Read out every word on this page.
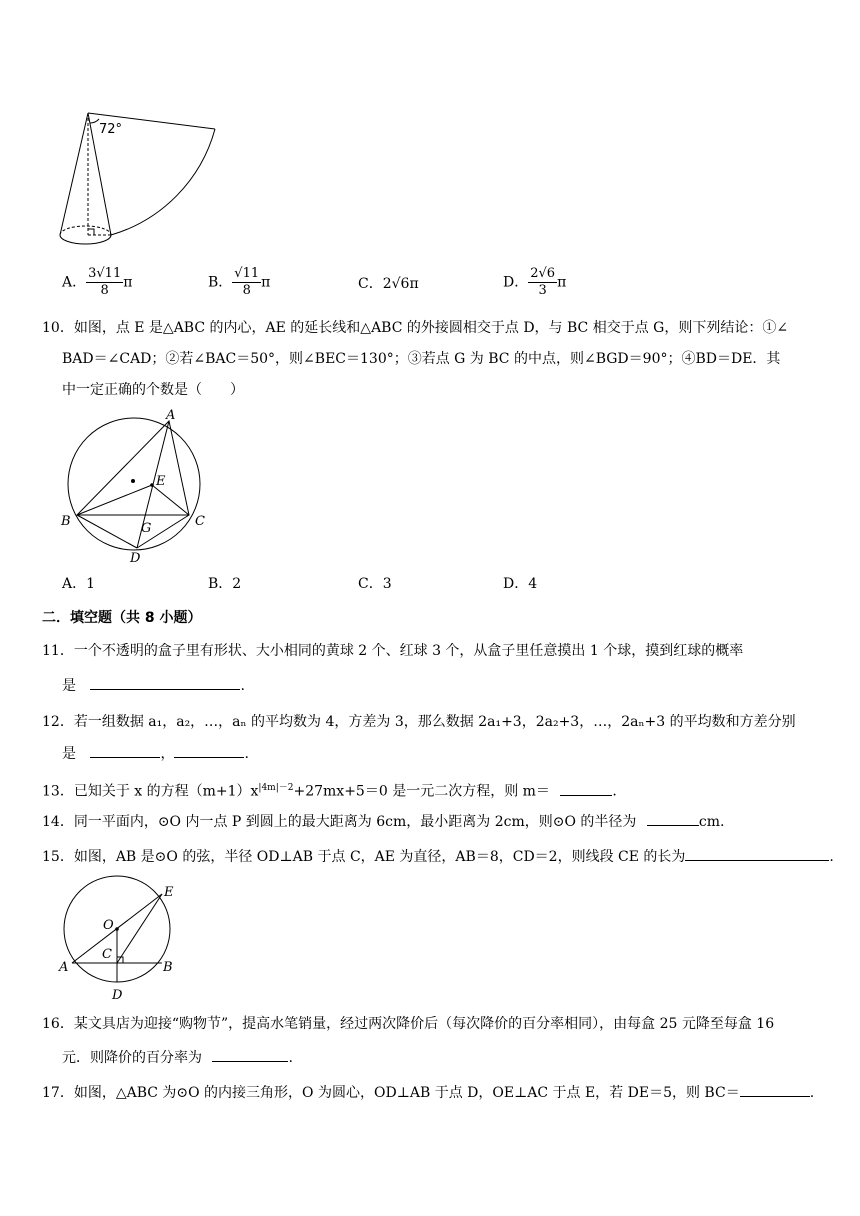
72°
A． $\frac{3√11}{8}$ π	B． $\frac{√11}{8}$ π	C．2√6π	D． $\frac{2√6}{3}$ π
10．如图，点 E 是△ABC 的内心，AE 的延长线和△ABC 的外接圆相交于点 D，与 BC 相交于点 G，则下列结论：①∠
BAD＝∠CAD；②若∠BAC＝50°，则∠BEC＝130°；③若点 G 为 BC 的中点，则∠BGD＝90°；④BD＝DE．其
中一定正确的个数是（　　）
A
B	C
D
E
G
A．1	B．2	C．3	D．4
二．填空题（共 8 小题）
11．一个不透明的盒子里有形状、大小相同的黄球 2 个、红球 3 个，从盒子里任意摸出 1 个球，摸到红球的概率
是	.
12．若一组数据 a₁，a₂，…，aₙ 的平均数为 4，方差为 3，那么数据 2a₁+3，2a₂+3，…，2aₙ+3 的平均数和方差分别
是	，	.
13．已知关于 x 的方程$(m+1)x^{|4m|-2}+27mx+5=0$ 是一元二次方程，则 m＝	.
14．同一平面内，⊙O 内一点 P 到圆上的最大距离为 6cm，最小距离为 2cm，则⊙O 的半径为	cm.
15．如图，AB 是⊙O 的弦，半径 OD⊥AB 于点 C，AE 为直径，AB＝8，CD＝2，则线段 CE 的长为	.
O
E
C
A	B
D
16．某文具店为迎接“购物节”，提高水笔销量，经过两次降价后（每次降价的百分率相同），由每盒 25 元降至每盒 16
元．则降价的百分率为	.
17．如图，△ABC 为⊙O 的内接三角形，O 为圆心，OD⊥AB 于点 D，OE⊥AC 于点 E，若 DE＝5，则 BC＝	.
